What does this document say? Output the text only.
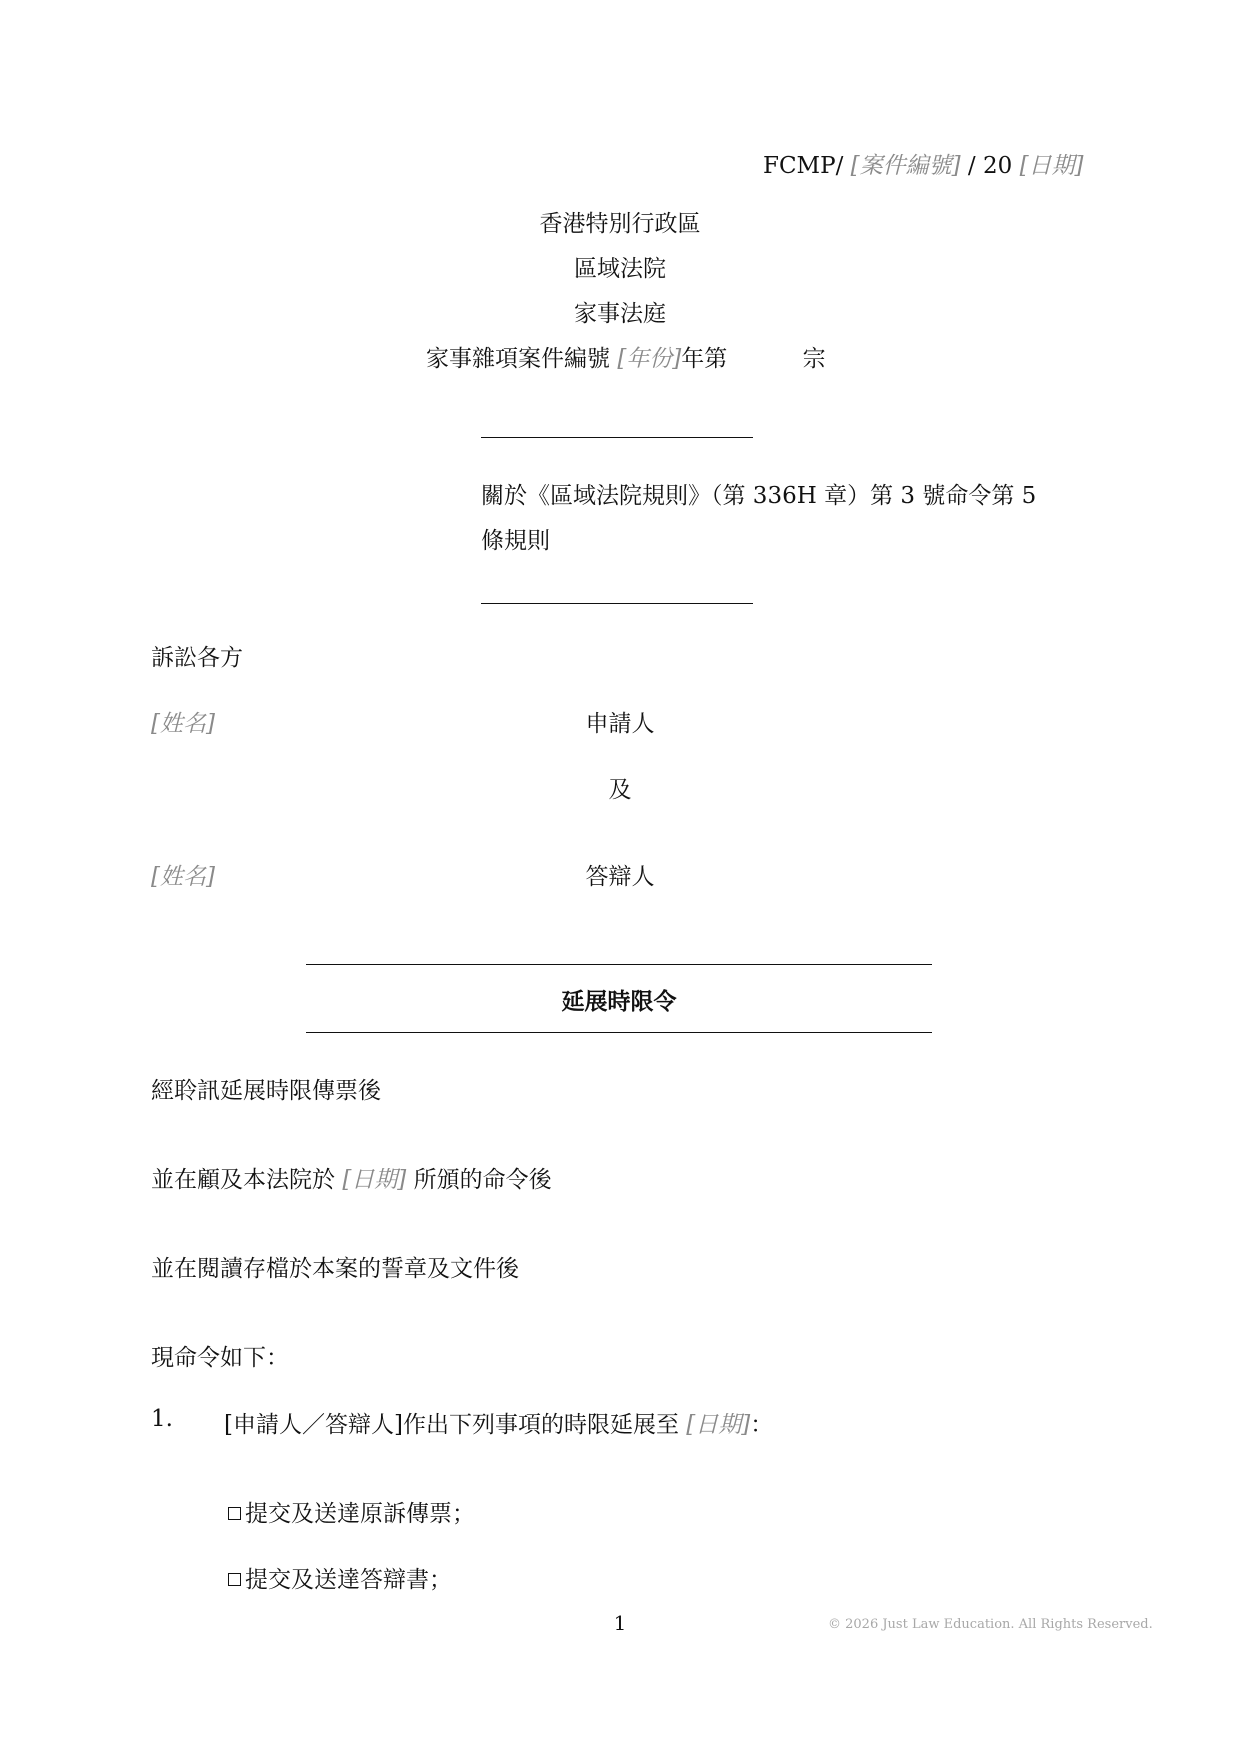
FCMP/ [案件編號] / 20 [日期]
香港特別行政區
區域法院
家事法庭
家事雜項案件編號 [年份]年第	宗
關於《區域法院規則》（第 336H 章）第 3 號命令第 5
條規則
訴訟各方
[姓名]	申請人
及
[姓名]	答辯人
延展時限令
經聆訊延展時限傳票後
並在顧及本法院於 [日期] 所頒的命令後
並在閱讀存檔於本案的誓章及文件後
現命令如下：
1. [申請人／答辯人]作出下列事項的時限延展至 [日期]：
提交及送達原訴傳票；
提交及送達答辯書；
1	© 2026 Just Law Education. All Rights Reserved.
